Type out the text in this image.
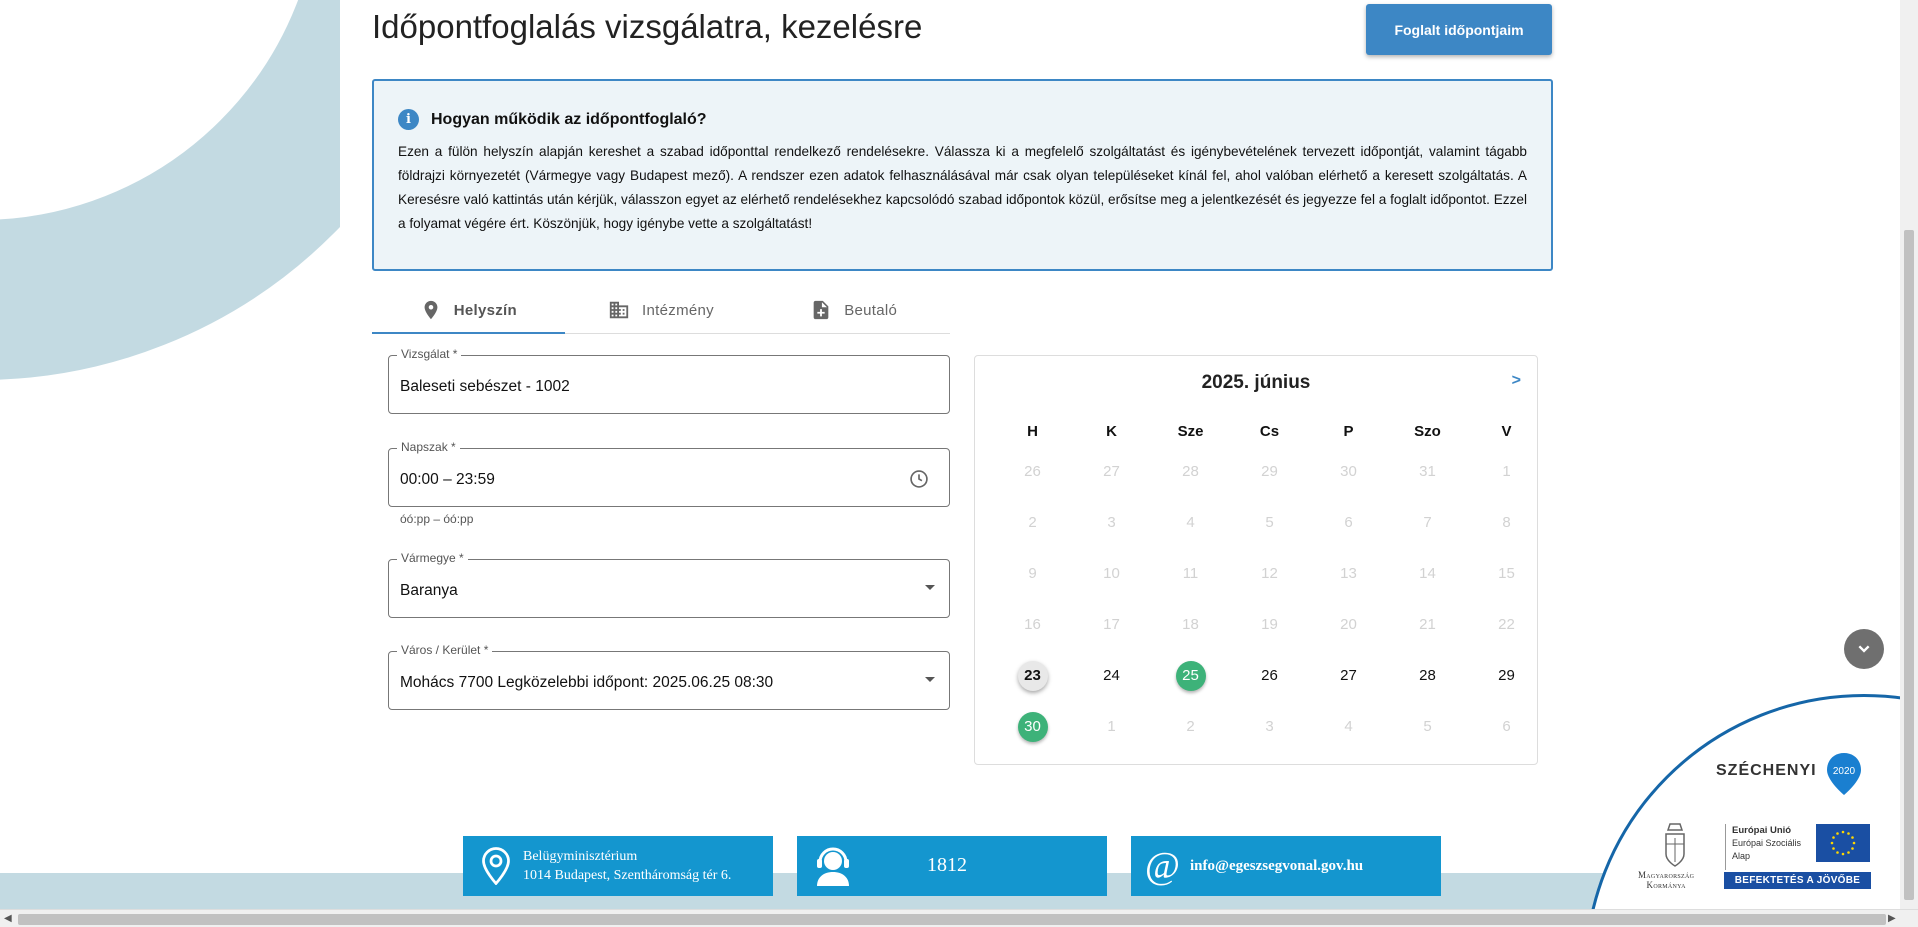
Időpontfoglalás vizsgálatra, kezelésre	Foglalt időpontjaim
i	Hogyan működik az időpontfoglaló?

Ezen a fülön helyszín alapján kereshet a szabad időponttal rendelkező rendelésekre. Válassza ki a megfelelő szolgáltatást és igénybevételének tervezett időpontját, valamint tágabb földrajzi környezetét (Vármegye vagy Budapest mező). A rendszer ezen adatok felhasználásával már csak olyan településeket kínál fel, ahol valóban elérhető a keresett szolgáltatás. A Keresésre való kattintás után kérjük, válasszon egyet az elérhető rendelésekhez kapcsolódó szabad időpontok közül, erősítse meg a jelentkezését és jegyezze fel a foglalt időpontot. Ezzel a folyamat végére ért. Köszönjük, hogy igénybe vette a szolgáltatást!

Helyszín	Intézmény	Beutaló
Vizsgálat *
Baleseti sebészet - 1002
Napszak *
00:00 – 23:59
óó:pp – óó:pp
Vármegye *
Baranya
Város / Kerület *
Mohács 7700 Legközelebbi időpont: 2025.06.25 08:30
2025. június	>
H	K	Sze	Cs	P	Szo	V
26	27	28	29	30	31	1
2	3	4	5	6	7	8
9	10	11	12	13	14	15
16	17	18	19	20	21	22
23	24	25	26	27	28	29
30	1	2	3	4	5	6
Belügyminisztérium
1014 Budapest, Szentháromság tér 6.	1812	@ info@egeszsegvonal.gov.hu
SZÉCHENYI 2020
Magyarország
Kormánya
Európai Unió
Európai Szociális
Alap
BEFEKTETÉS A JÖVŐBE
◀	▶
